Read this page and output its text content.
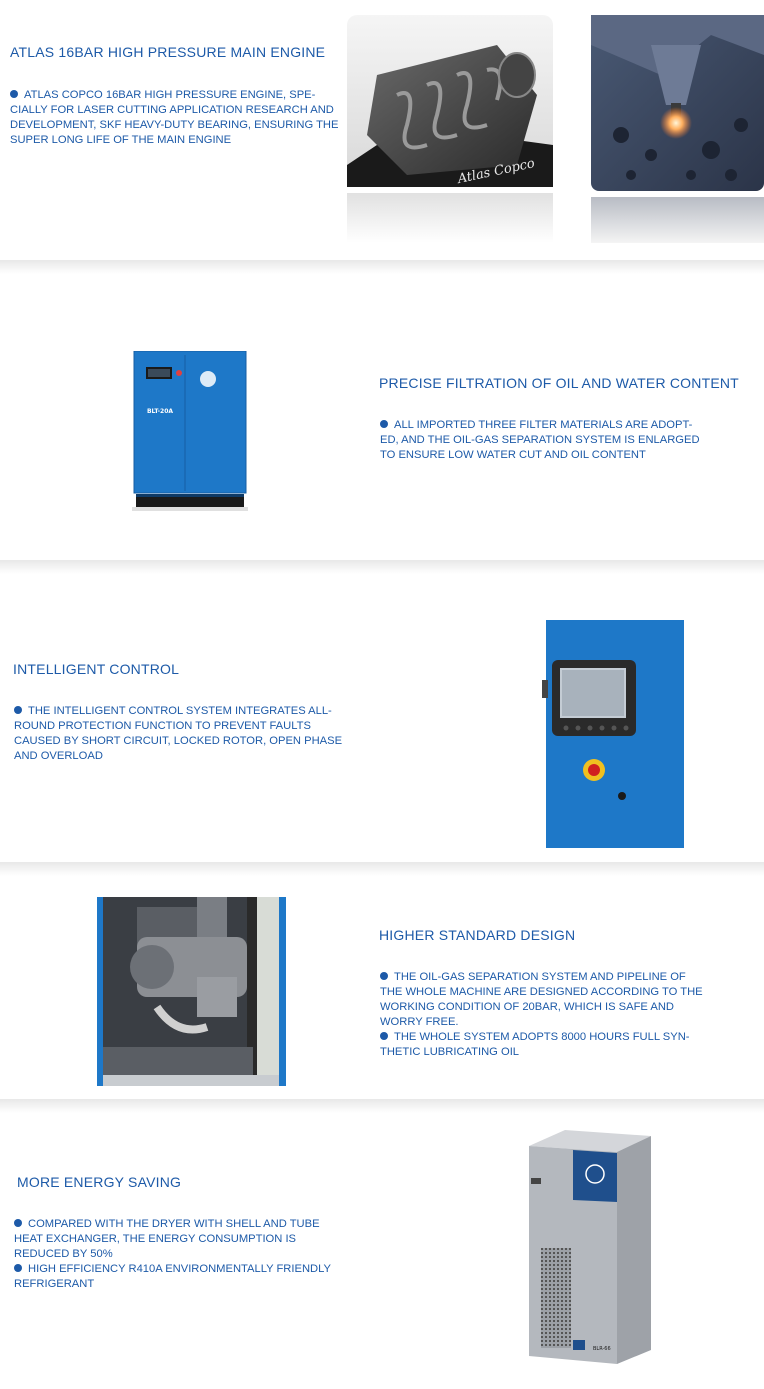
ATLAS 16BAR HIGH PRESSURE MAIN ENGINE

ATLAS COPCO 16BAR HIGH PRESSURE ENGINE, SPE- CIALLY FOR LASER CUTTING APPLICATION RESEARCH AND DEVELOPMENT, SKF HEAVY-DUTY BEARING, ENSURING THE SUPER LONG LIFE OF THE MAIN ENGINE

Atlas Copco
BLT-20A
PRECISE FILTRATION OF OIL AND WATER CONTENT

ALL IMPORTED THREE FILTER MATERIALS ARE ADOPT- ED, AND THE OIL-GAS SEPARATION SYSTEM IS ENLARGED TO ENSURE LOW WATER CUT AND OIL CONTENT

INTELLIGENT CONTROL

THE INTELLIGENT CONTROL SYSTEM INTEGRATES ALL-ROUND PROTECTION FUNCTION TO PREVENT FAULTS CAUSED BY SHORT CIRCUIT, LOCKED ROTOR, OPEN PHASE AND OVERLOAD

HIGHER STANDARD DESIGN

THE OIL-GAS SEPARATION SYSTEM AND PIPELINE OF THE WHOLE MACHINE ARE DESIGNED ACCORDING TO THE WORKING CONDITION OF 20BAR, WHICH IS SAFE AND WORRY FREE.

THE WHOLE SYSTEM ADOPTS 8000 HOURS FULL SYN- THETIC LUBRICATING OIL

MORE ENERGY SAVING

COMPARED WITH THE DRYER WITH SHELL AND TUBE HEAT EXCHANGER, THE ENERGY CONSUMPTION IS REDUCED BY 50%

HIGH EFFICIENCY R410A ENVIRONMENTALLY FRIENDLY REFRIGERANT

BLR-66
